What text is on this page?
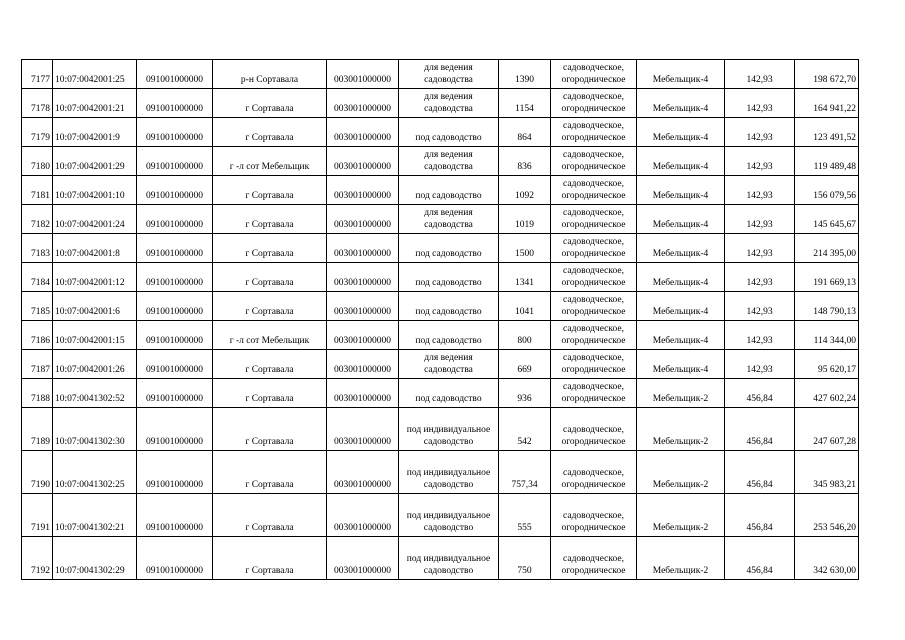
7177	10:07:0042001:25	091001000000	р-н Сортавала	003001000000	для ведения
садоводства	1390	садоводческое,
огородническое	Мебельщик-4	142,93	198 672,70

7178	10:07:0042001:21	091001000000	г Сортавала	003001000000	для ведения
садоводства	1154	садоводческое,
огородническое	Мебельщик-4	142,93	164 941,22

7179	10:07:0042001:9	091001000000	г Сортавала	003001000000	под садоводство	864	садоводческое,
огородническое	Мебельщик-4	142,93	123 491,52

7180	10:07:0042001:29	091001000000	г -л сот Мебельщик	003001000000	для ведения
садоводства	836	садоводческое,
огородническое	Мебельщик-4	142,93	119 489,48

7181	10:07:0042001:10	091001000000	г Сортавала	003001000000	под садоводство	1092	садоводческое,
огородническое	Мебельщик-4	142,93	156 079,56

7182	10:07:0042001:24	091001000000	г Сортавала	003001000000	для ведения
садоводства	1019	садоводческое,
огородническое	Мебельщик-4	142,93	145 645,67

7183	10:07:0042001:8	091001000000	г Сортавала	003001000000	под садоводство	1500	садоводческое,
огородническое	Мебельщик-4	142,93	214 395,00

7184	10:07:0042001:12	091001000000	г Сортавала	003001000000	под садоводство	1341	садоводческое,
огородническое	Мебельщик-4	142,93	191 669,13

7185	10:07:0042001:6	091001000000	г Сортавала	003001000000	под садоводство	1041	садоводческое,
огородническое	Мебельщик-4	142,93	148 790,13

7186	10:07:0042001:15	091001000000	г -л сот Мебельщик	003001000000	под садоводство	800	садоводческое,
огородническое	Мебельщик-4	142,93	114 344,00

7187	10:07:0042001:26	091001000000	г Сортавала	003001000000	для ведения
садоводства	669	садоводческое,
огородническое	Мебельщик-4	142,93	95 620,17

7188	10:07:0041302:52	091001000000	г Сортавала	003001000000	под садоводство	936	садоводческое,
огородническое	Мебельщик-2	456,84	427 602,24

7189	10:07:0041302:30	091001000000	г Сортавала	003001000000	под индивидуальное
садоводство	542	садоводческое,
огородническое	Мебельщик-2	456,84	247 607,28

7190	10:07:0041302:25	091001000000	г Сортавала	003001000000	под индивидуальное
садоводство	757,34	садоводческое,
огородническое	Мебельщик-2	456,84	345 983,21

7191	10:07:0041302:21	091001000000	г Сортавала	003001000000	под индивидуальное
садоводство	555	садоводческое,
огородническое	Мебельщик-2	456,84	253 546,20

7192	10:07:0041302:29	091001000000	г Сортавала	003001000000	под индивидуальное
садоводство	750	садоводческое,
огородническое	Мебельщик-2	456,84	342 630,00
